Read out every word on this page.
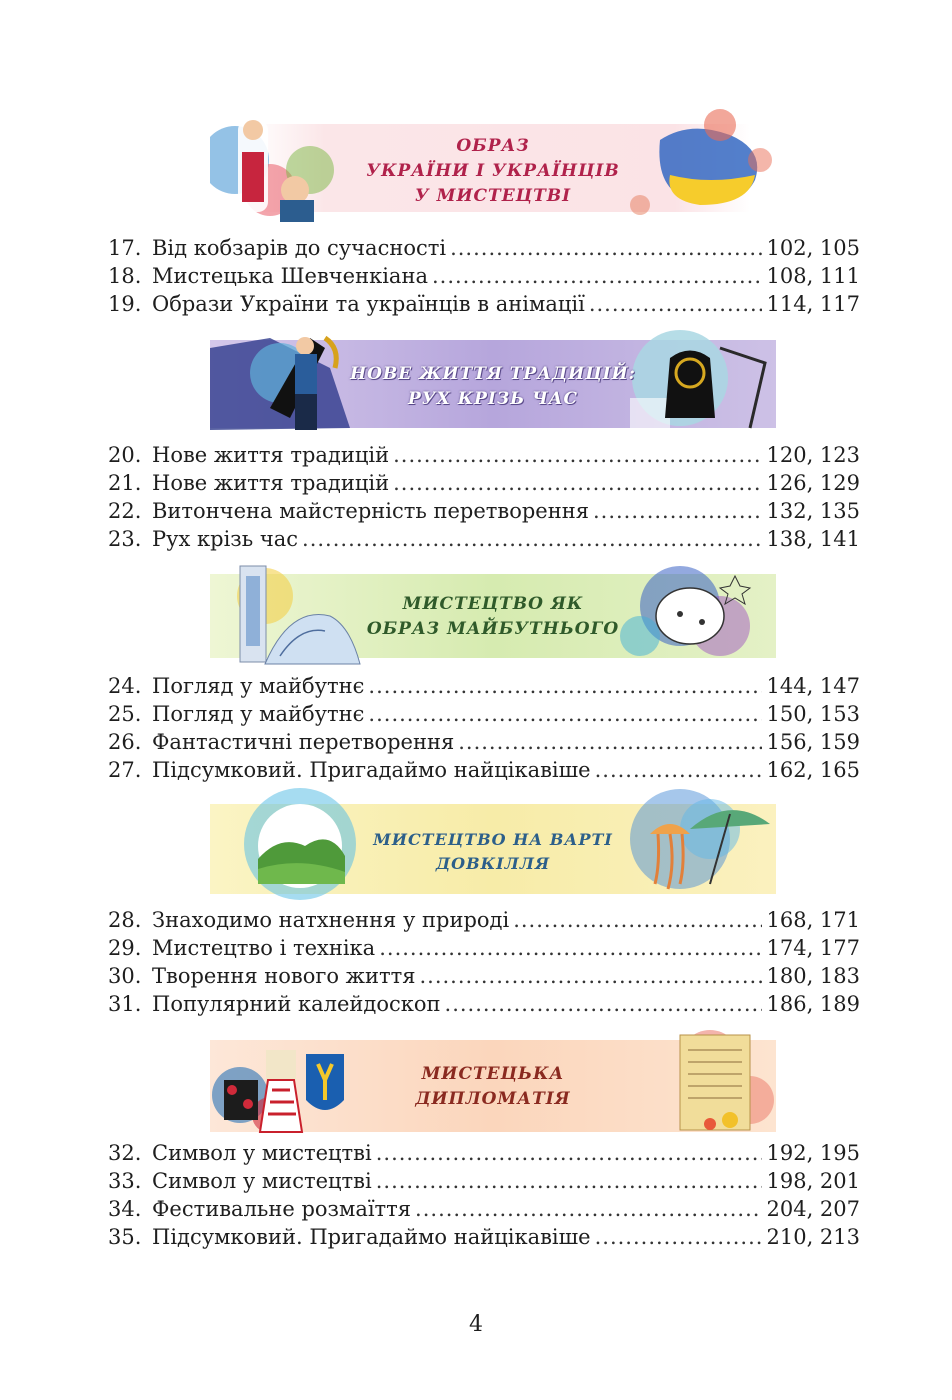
ОБРАЗ
УКРАЇНИ І УКРАЇНЦІВ
У МИСТЕЦТВІ
17. Від кобзарів до сучасності .....	102, 105
18. Мистецька Шевченкіана .....	108, 111
19. Образи України та українців в анімації .....	114, 117
НОВЕ ЖИТТЯ ТРАДИЦІЙ:
РУХ КРІЗЬ ЧАС
20. Нове життя традицій .....	120, 123
21. Нове життя традицій .....	126, 129
22. Витончена майстерність перетворення .....	132, 135
23. Рух крізь час .....	138, 141
МИСТЕЦТВО ЯК
ОБРАЗ МАЙБУТНЬОГО
24. Погляд у майбутнє .....	144, 147
25. Погляд у майбутнє .....	150, 153
26. Фантастичні перетворення .....	156, 159
27. Підсумковий. Пригадаймо найцікавіше .....	162, 165
МИСТЕЦТВО НА ВАРТІ
ДОВКІЛЛЯ
28. Знаходимо натхнення у природі .....	168, 171
29. Мистецтво і техніка .....	174, 177
30. Творення нового життя .....	180, 183
31. Популярний калейдоскоп .....	186, 189
МИСТЕЦЬКА
ДИПЛОМАТІЯ
32. Символ у мистецтві .....	192, 195
33. Символ у мистецтві .....	198, 201
34. Фестивальне розмаїття .....	204, 207
35. Підсумковий. Пригадаймо найцікавіше .....	210, 213
4
